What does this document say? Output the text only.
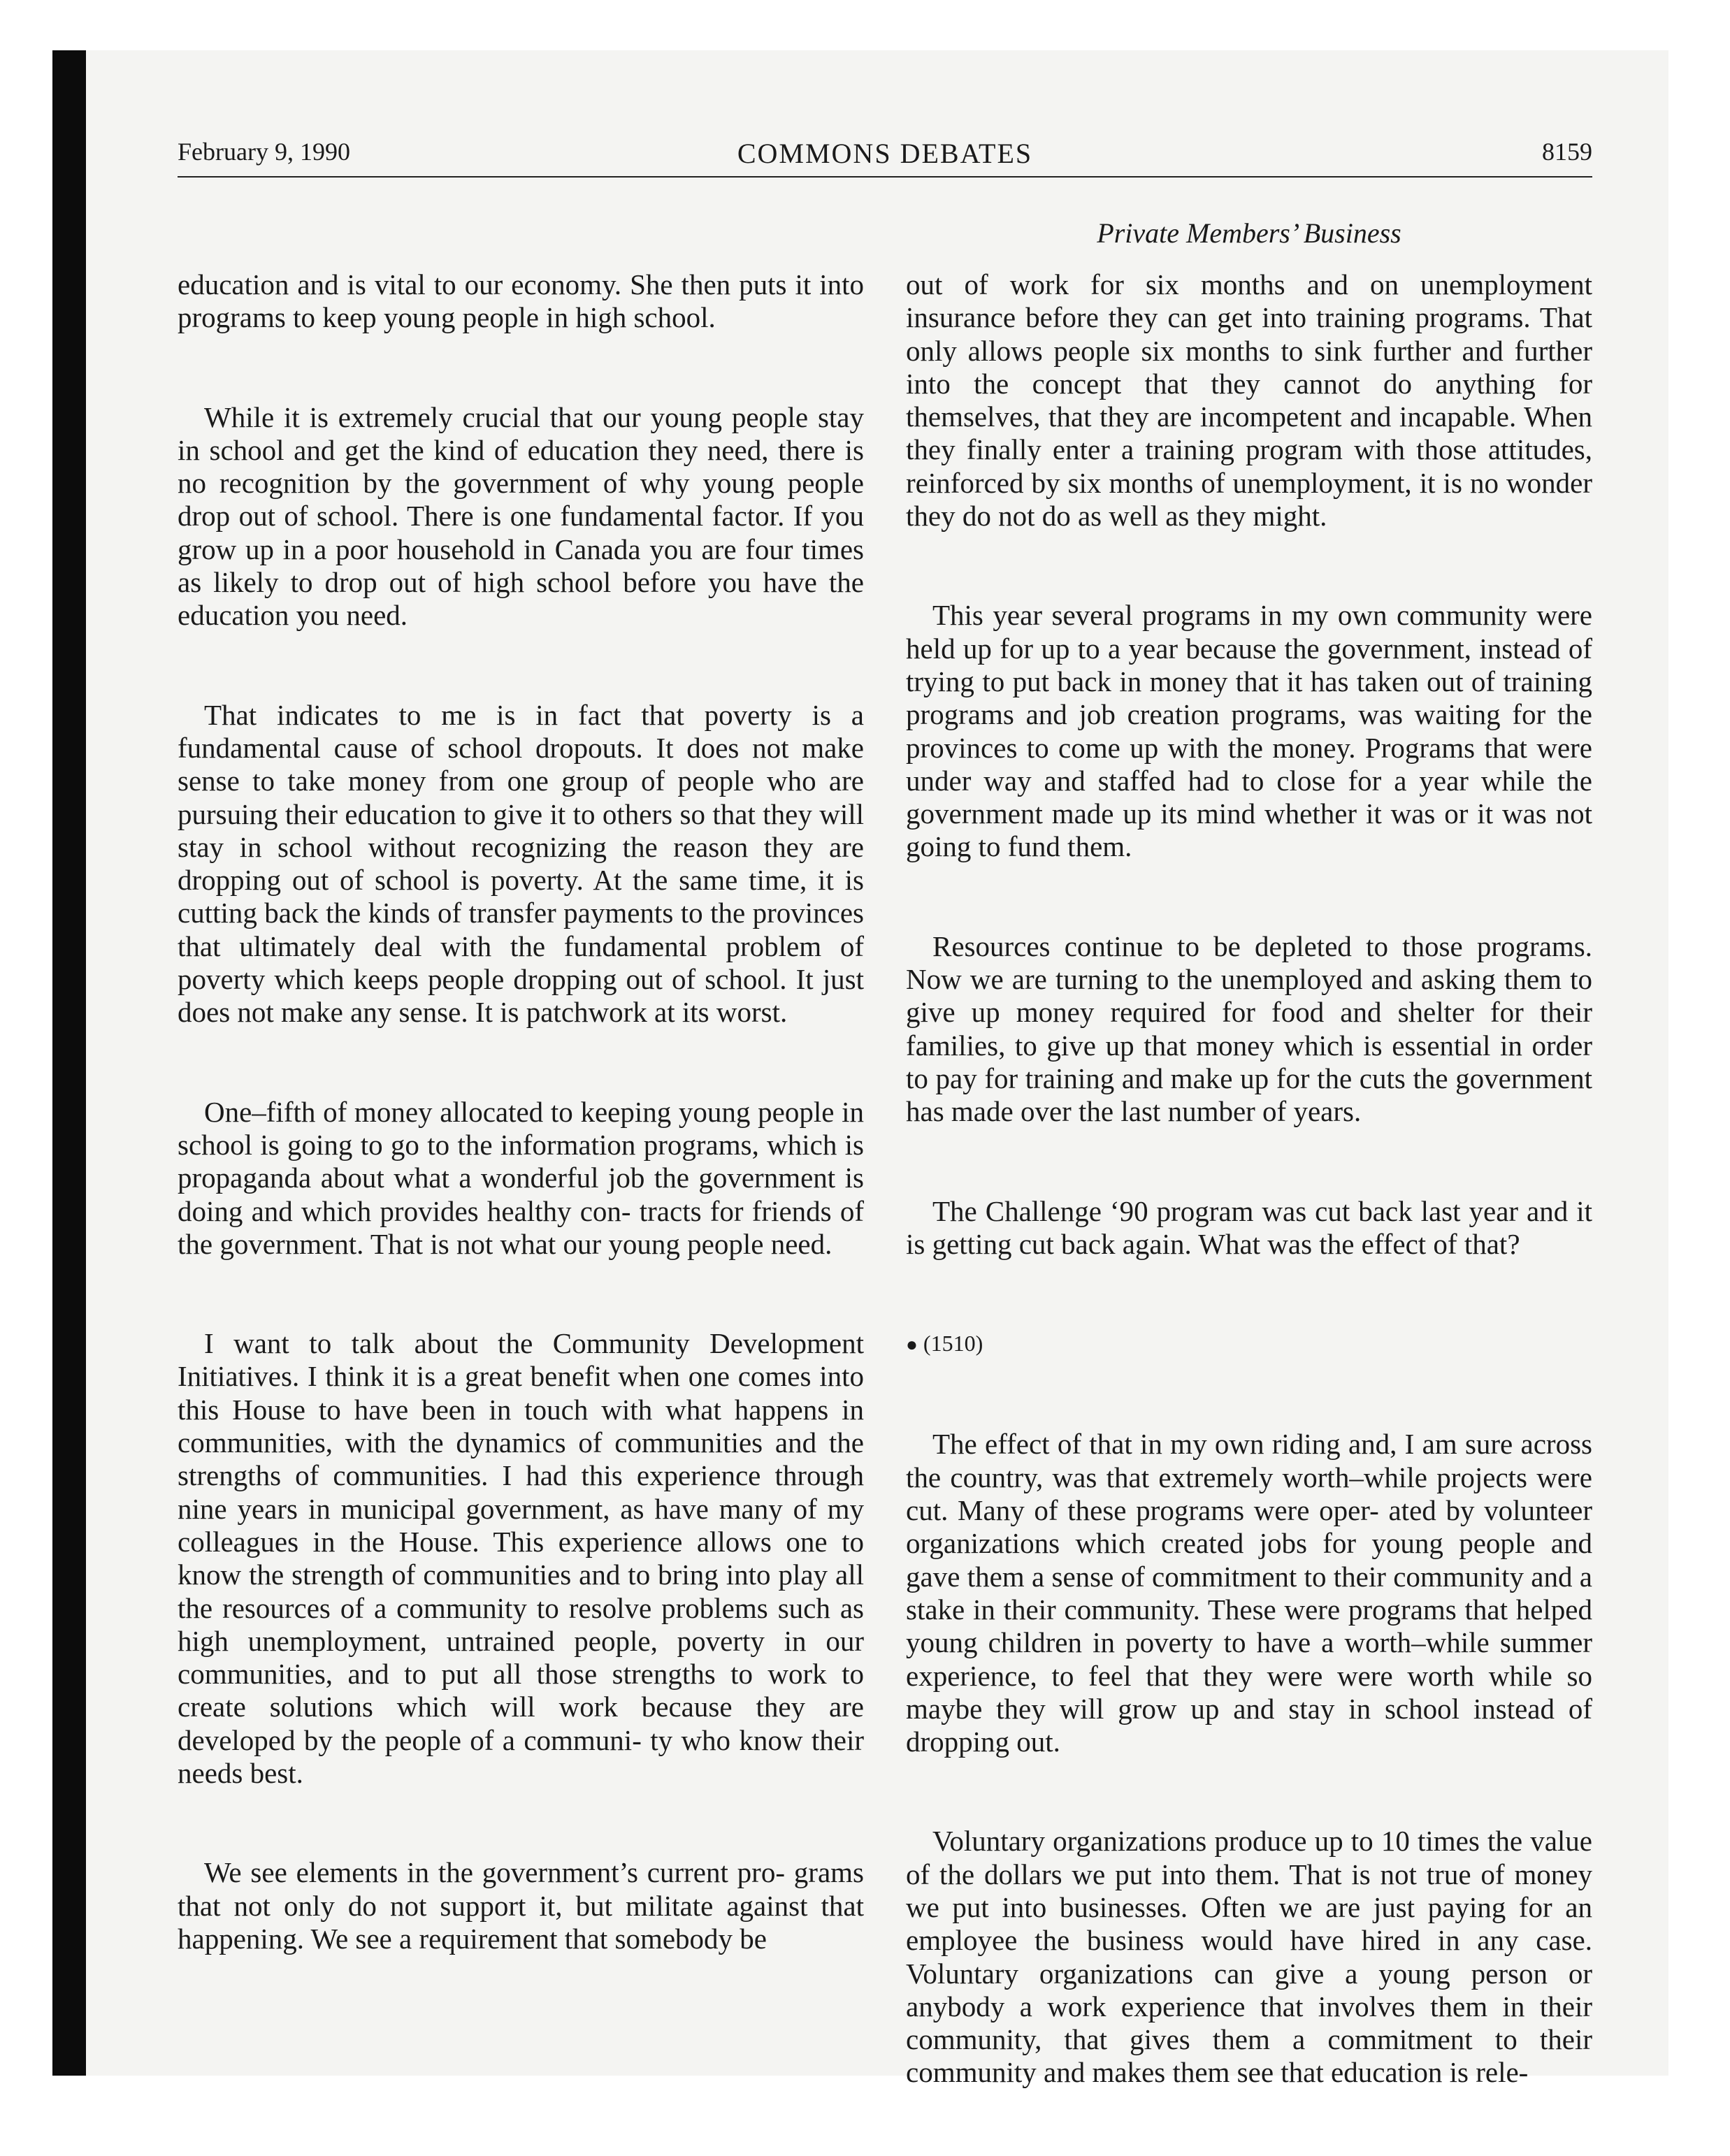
February 9, 1990	COMMONS DEBATES	8159
Private Members’ Business

education and is vital to our economy. She then puts it into programs to keep young people in high school.

While it is extremely crucial that our young people stay in school and get the kind of education they need, there is no recognition by the government of why young people drop out of school. There is one fundamental factor. If you grow up in a poor household in Canada you are four times as likely to drop out of high school before you have the education you need.

That indicates to me is in fact that poverty is a fundamental cause of school dropouts. It does not make sense to take money from one group of people who are pursuing their education to give it to others so that they will stay in school without recognizing the reason they are dropping out of school is poverty. At the same time, it is cutting back the kinds of transfer payments to the provinces that ultimately deal with the fundamental problem of poverty which keeps people dropping out of school. It just does not make any sense. It is patchwork at its worst.

One–fifth of money allocated to keeping young people in school is going to go to the information programs, which is propaganda about what a wonderful job the government is doing and which provides healthy con- tracts for friends of the government. That is not what our young people need.

I want to talk about the Community Development Initiatives. I think it is a great benefit when one comes into this House to have been in touch with what happens in communities, with the dynamics of communities and the strengths of communities. I had this experience through nine years in municipal government, as have many of my colleagues in the House. This experience allows one to know the strength of communities and to bring into play all the resources of a community to resolve problems such as high unemployment, untrained people, poverty in our communities, and to put all those strengths to work to create solutions which will work because they are developed by the people of a communi- ty who know their needs best.

We see elements in the government’s current pro- grams that not only do not support it, but militate against that happening. We see a requirement that somebody be

out of work for six months and on unemployment insurance before they can get into training programs. That only allows people six months to sink further and further into the concept that they cannot do anything for themselves, that they are incompetent and incapable. When they finally enter a training program with those attitudes, reinforced by six months of unemployment, it is no wonder they do not do as well as they might.

This year several programs in my own community were held up for up to a year because the government, instead of trying to put back in money that it has taken out of training programs and job creation programs, was waiting for the provinces to come up with the money. Programs that were under way and staffed had to close for a year while the government made up its mind whether it was or it was not going to fund them.

Resources continue to be depleted to those programs. Now we are turning to the unemployed and asking them to give up money required for food and shelter for their families, to give up that money which is essential in order to pay for training and make up for the cuts the government has made over the last number of years.

The Challenge ‘90 program was cut back last year and it is getting cut back again. What was the effect of that?

● (1510)

The effect of that in my own riding and, I am sure across the country, was that extremely worth–while projects were cut. Many of these programs were oper- ated by volunteer organizations which created jobs for young people and gave them a sense of commitment to their community and a stake in their community. These were programs that helped young children in poverty to have a worth–while summer experience, to feel that they were were worth while so maybe they will grow up and stay in school instead of dropping out.

Voluntary organizations produce up to 10 times the value of the dollars we put into them. That is not true of money we put into businesses. Often we are just paying for an employee the business would have hired in any case. Voluntary organizations can give a young person or anybody a work experience that involves them in their community, that gives them a commitment to their community and makes them see that education is rele-
